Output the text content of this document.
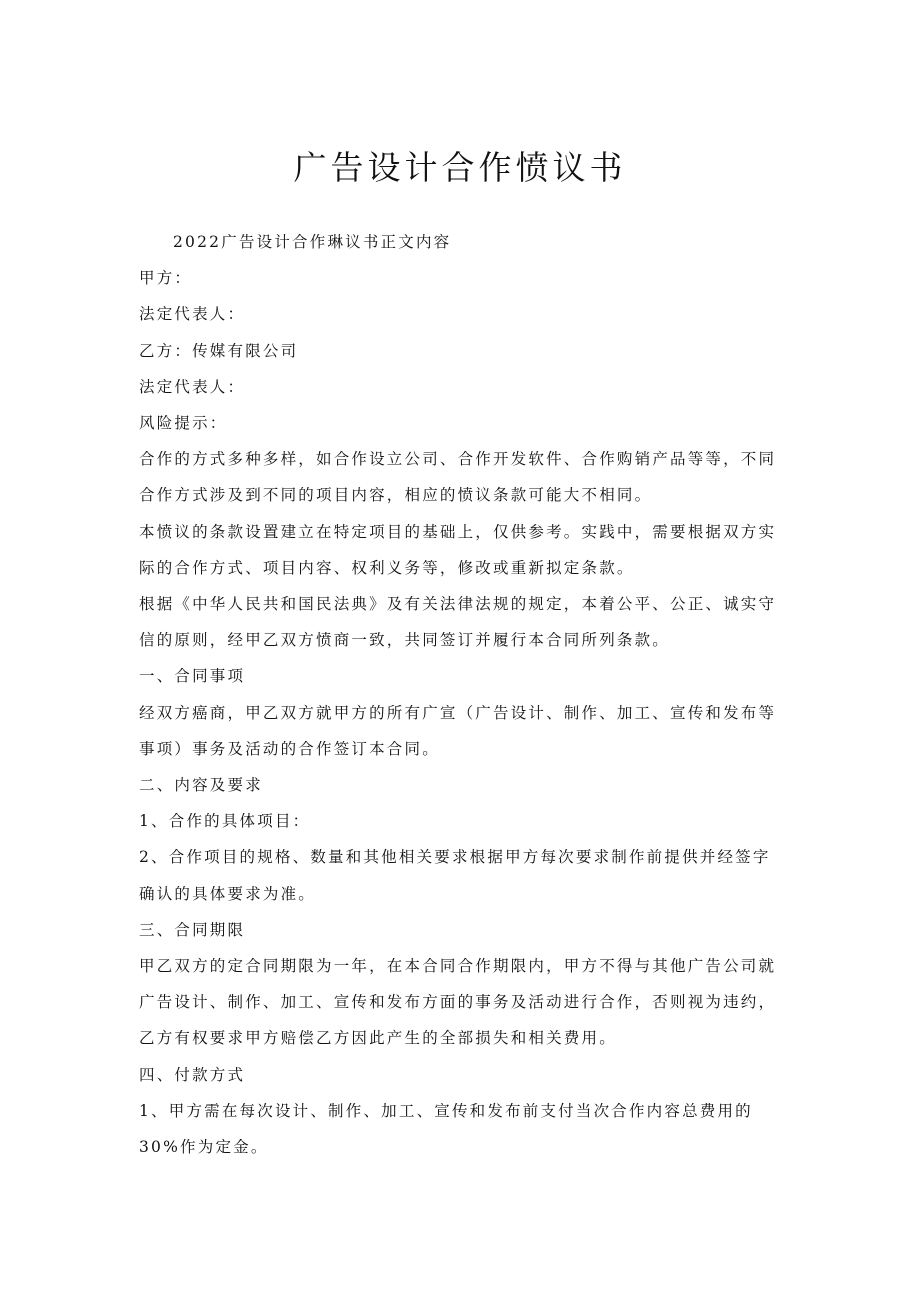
广告设计合作愤议书

2022广告设计合作琳议书正文内容

甲方：

法定代表人：

乙方：传媒有限公司

法定代表人：

风险提示：

合作的方式多种多样，如合作设立公司、合作开发软件、合作购销产品等等，不同合作方式涉及到不同的项目内容，相应的愤议条款可能大不相同。

本愤议的条款设置建立在特定项目的基础上，仅供参考。实践中，需要根据双方实际的合作方式、项目内容、权利义务等，修改或重新拟定条款。

根据《中华人民共和国民法典》及有关法律法规的规定，本着公平、公正、诚实守信的原则，经甲乙双方愤商一致，共同签订并履行本合同所列条款。

一、合同事项

经双方癌商，甲乙双方就甲方的所有广宣（广告设计、制作、加工、宣传和发布等事项）事务及活动的合作签订本合同。

二、内容及要求

1、合作的具体项目：

2、合作项目的规格、数量和其他相关要求根据甲方每次要求制作前提供并经签字确认的具体要求为准。

三、合同期限

甲乙双方的定合同期限为一年，在本合同合作期限内，甲方不得与其他广告公司就广告设计、制作、加工、宣传和发布方面的事务及活动进行合作，否则视为违约，乙方有权要求甲方赔偿乙方因此产生的全部损失和相关费用。

四、付款方式

1、甲方需在每次设计、制作、加工、宣传和发布前支付当次合作内容总费用的30%作为定金。
